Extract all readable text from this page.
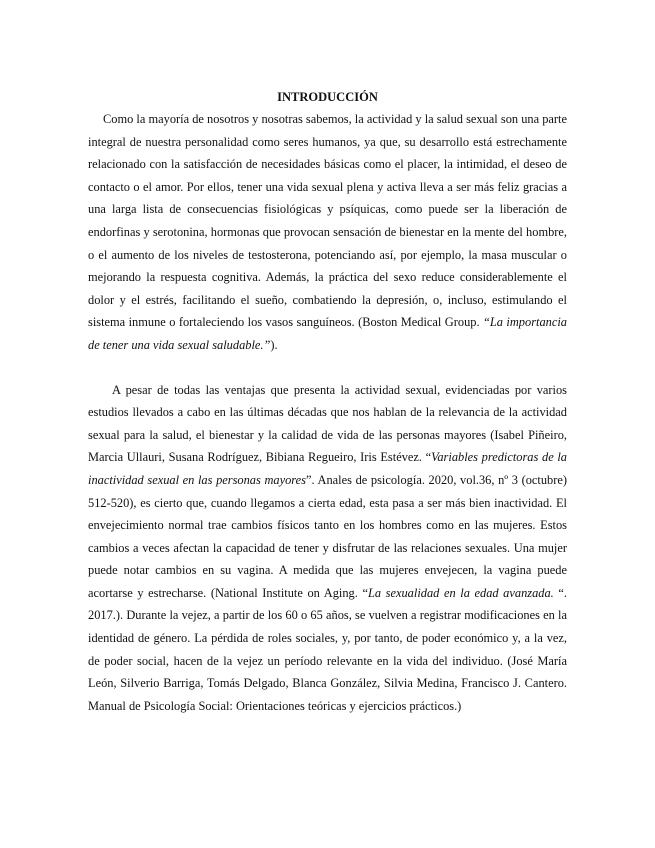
INTRODUCCIÓN

Como la mayoría de nosotros y nosotras sabemos, la actividad y la salud sexual son una parte integral de nuestra personalidad como seres humanos, ya que, su desarrollo está estrechamente relacionado con la satisfacción de necesidades básicas como el placer, la intimidad, el deseo de contacto o el amor. Por ellos, tener una vida sexual plena y activa lleva a ser más feliz gracias a una larga lista de consecuencias fisiológicas y psíquicas, como puede ser la liberación de endorfinas y serotonina, hormonas que provocan sensación de bienestar en la mente del hombre, o el aumento de los niveles de testosterona, potenciando así, por ejemplo, la masa muscular o mejorando la respuesta cognitiva. Además, la práctica del sexo reduce considerablemente el dolor y el estrés, facilitando el sueño, combatiendo la depresión, o, incluso, estimulando el sistema inmune o fortaleciendo los vasos sanguíneos. (Boston Medical Group. “La importancia de tener una vida sexual saludable.”).

A pesar de todas las ventajas que presenta la actividad sexual, evidenciadas por varios estudios llevados a cabo en las últimas décadas que nos hablan de la relevancia de la actividad sexual para la salud, el bienestar y la calidad de vida de las personas mayores (Isabel Piñeiro, Marcia Ullauri, Susana Rodríguez, Bibiana Regueiro, Iris Estévez. “Variables predictoras de la inactividad sexual en las personas mayores”. Anales de psicología. 2020, vol.36, nº 3 (octubre) 512-520), es cierto que, cuando llegamos a cierta edad, esta pasa a ser más bien inactividad. El envejecimiento normal trae cambios físicos tanto en los hombres como en las mujeres. Estos cambios a veces afectan la capacidad de tener y disfrutar de las relaciones sexuales. Una mujer puede notar cambios en su vagina. A medida que las mujeres envejecen, la vagina puede acortarse y estrecharse. (National Institute on Aging. “La sexualidad en la edad avanzada. “. 2017.). Durante la vejez, a partir de los 60 o 65 años, se vuelven a registrar modificaciones en la identidad de género. La pérdida de roles sociales, y, por tanto, de poder económico y, a la vez, de poder social, hacen de la vejez un período relevante en la vida del individuo. (José María León, Silverio Barriga, Tomás Delgado, Blanca González, Silvia Medina, Francisco J. Cantero. Manual de Psicología Social: Orientaciones teóricas y ejercicios prácticos.)
